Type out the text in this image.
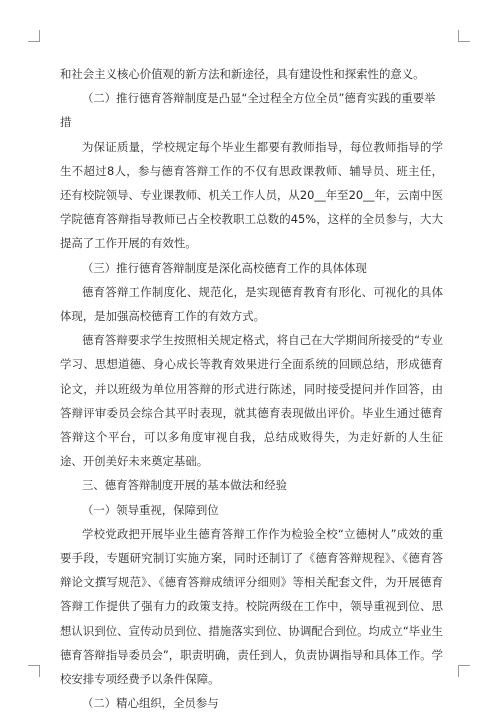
和社会主义核心价值观的新方法和新途径，具有建设性和探索性的意义。

（二）推行德育答辩制度是凸显“全过程全方位全员”德育实践的重要举措

为保证质量，学校规定每个毕业生都要有教师指导，每位教师指导的学生不超过8人，参与德育答辩工作的不仅有思政课教师、辅导员、班主任，还有校院领导、专业课教师、机关工作人员，从20__年至20__年，云南中医学院德育答辩指导教师已占全校教职工总数的45%，这样的全员参与，大大提高了工作开展的有效性。

（三）推行德育答辩制度是深化高校德育工作的具体体现

德育答辩工作制度化、规范化，是实现德育教育有形化、可视化的具体体现，是加强高校德育工作的有效方式。

德育答辩要求学生按照相关规定格式，将自己在大学期间所接受的“专业学习、思想道德、身心成长等教育效果进行全面系统的回顾总结，形成德育论文，并以班级为单位用答辩的形式进行陈述，同时接受提问并作回答，由答辩评审委员会综合其平时表现，就其德育表现做出评价。毕业生通过德育答辩这个平台，可以多角度审视自我，总结成败得失，为走好新的人生征途、开创美好未来奠定基础。

三、德育答辩制度开展的基本做法和经验

（一）领导重视，保障到位

学校党政把开展毕业生德育答辩工作作为检验全校“立德树人”成效的重要手段，专题研究制订实施方案，同时还制订了《德育答辩规程》、《德育答辩论文撰写规范》、《德育答辩成绩评分细则》等相关配套文件，为开展德育答辩工作提供了强有力的政策支持。校院两级在工作中，领导重视到位、思想认识到位、宣传动员到位、措施落实到位、协调配合到位。均成立“毕业生德育答辩指导委员会”，职责明确，责任到人，负责协调指导和具体工作。学校安排专项经费予以条件保障。

（二）精心组织，全员参与
